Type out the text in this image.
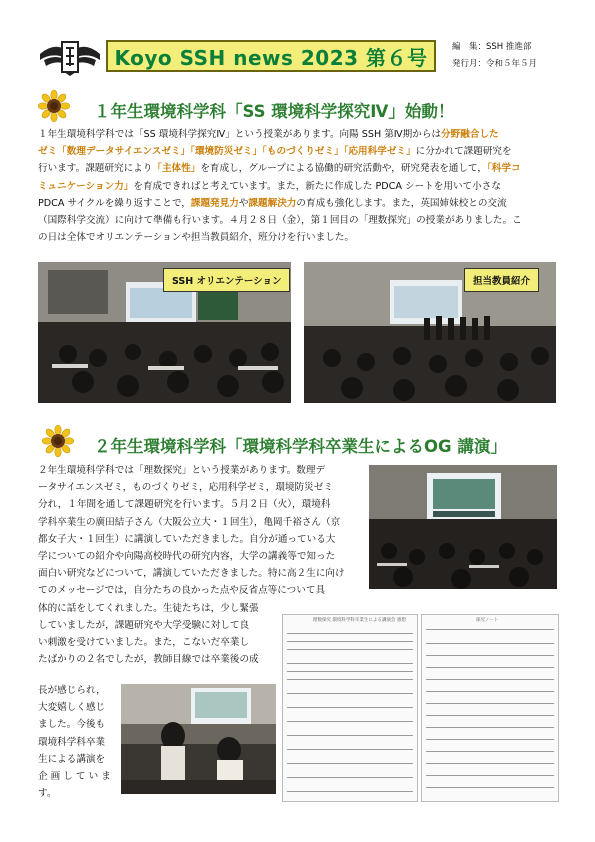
Koyo SSH news 2023 第６号	編　集：SSH 推進部
発行月：令和５年５月
１年生環境科学科「SS 環境科学探究Ⅳ」始動！
１年生環境科学科では「SS 環境科学探究Ⅳ」という授業があります。向陽 SSH 第Ⅳ期からは分野融合した
ゼミ「数理データサイエンスゼミ」「環境防災ゼミ」「ものづくりゼミ」「応用科学ゼミ」に分かれて課題研究を
行います。課題研究により「主体性」を育成し，グループによる協働的研究活動や，研究発表を通して，「科学コ
ミュニケーション力」を育成できればと考えています。また，新たに作成した PDCA シートを用いて小さな
PDCA サイクルを繰り返すことで，課題発見力や課題解決力の育成も強化します。また，英国姉妹校との交流
（国際科学交流）に向けて準備も行います。４月２８日（金），第１回目の「理数探究」の授業がありました。こ
の日は全体でオリエンテーションや担当教員紹介，班分けを行いました。
SSH オリエンテーション	担当教員紹介
２年生環境科学科「環境科学科卒業生によるOG 講演」
２年生環境科学科では「理数探究」という授業があります。数理デ
ータサイエンスゼミ，ものづくりゼミ，応用科学ゼミ，環境防災ゼミ
分れ，１年間を通して課題研究を行います。５月２日（火），環境科
学科卒業生の廣田結子さん（大阪公立大・１回生），亀岡千裕さん（京
都女子大・１回生）に講演していただきました。自分が通っている大
学についての紹介や向陽高校時代の研究内容，大学の講義等で知った
面白い研究などについて，講演していただきました。特に高２生に向け
てのメッセージでは，自分たちの良かった点や反省点等について具
体的に話をしてくれました。生徒たちは，少し緊張
していましたが，課題研究や大学受験に対して良
い刺激を受けていました。また，こないだ卒業し
たばかりの２名でしたが，教師目線では卒業後の成
長が感じられ，
大変嬉しく感じ
ました。今後も
環境科学科卒業
生による講演を
企 画 し て い ま
す。
理数探究 環境科学科卒業生による講演会 感想	探究ノート
